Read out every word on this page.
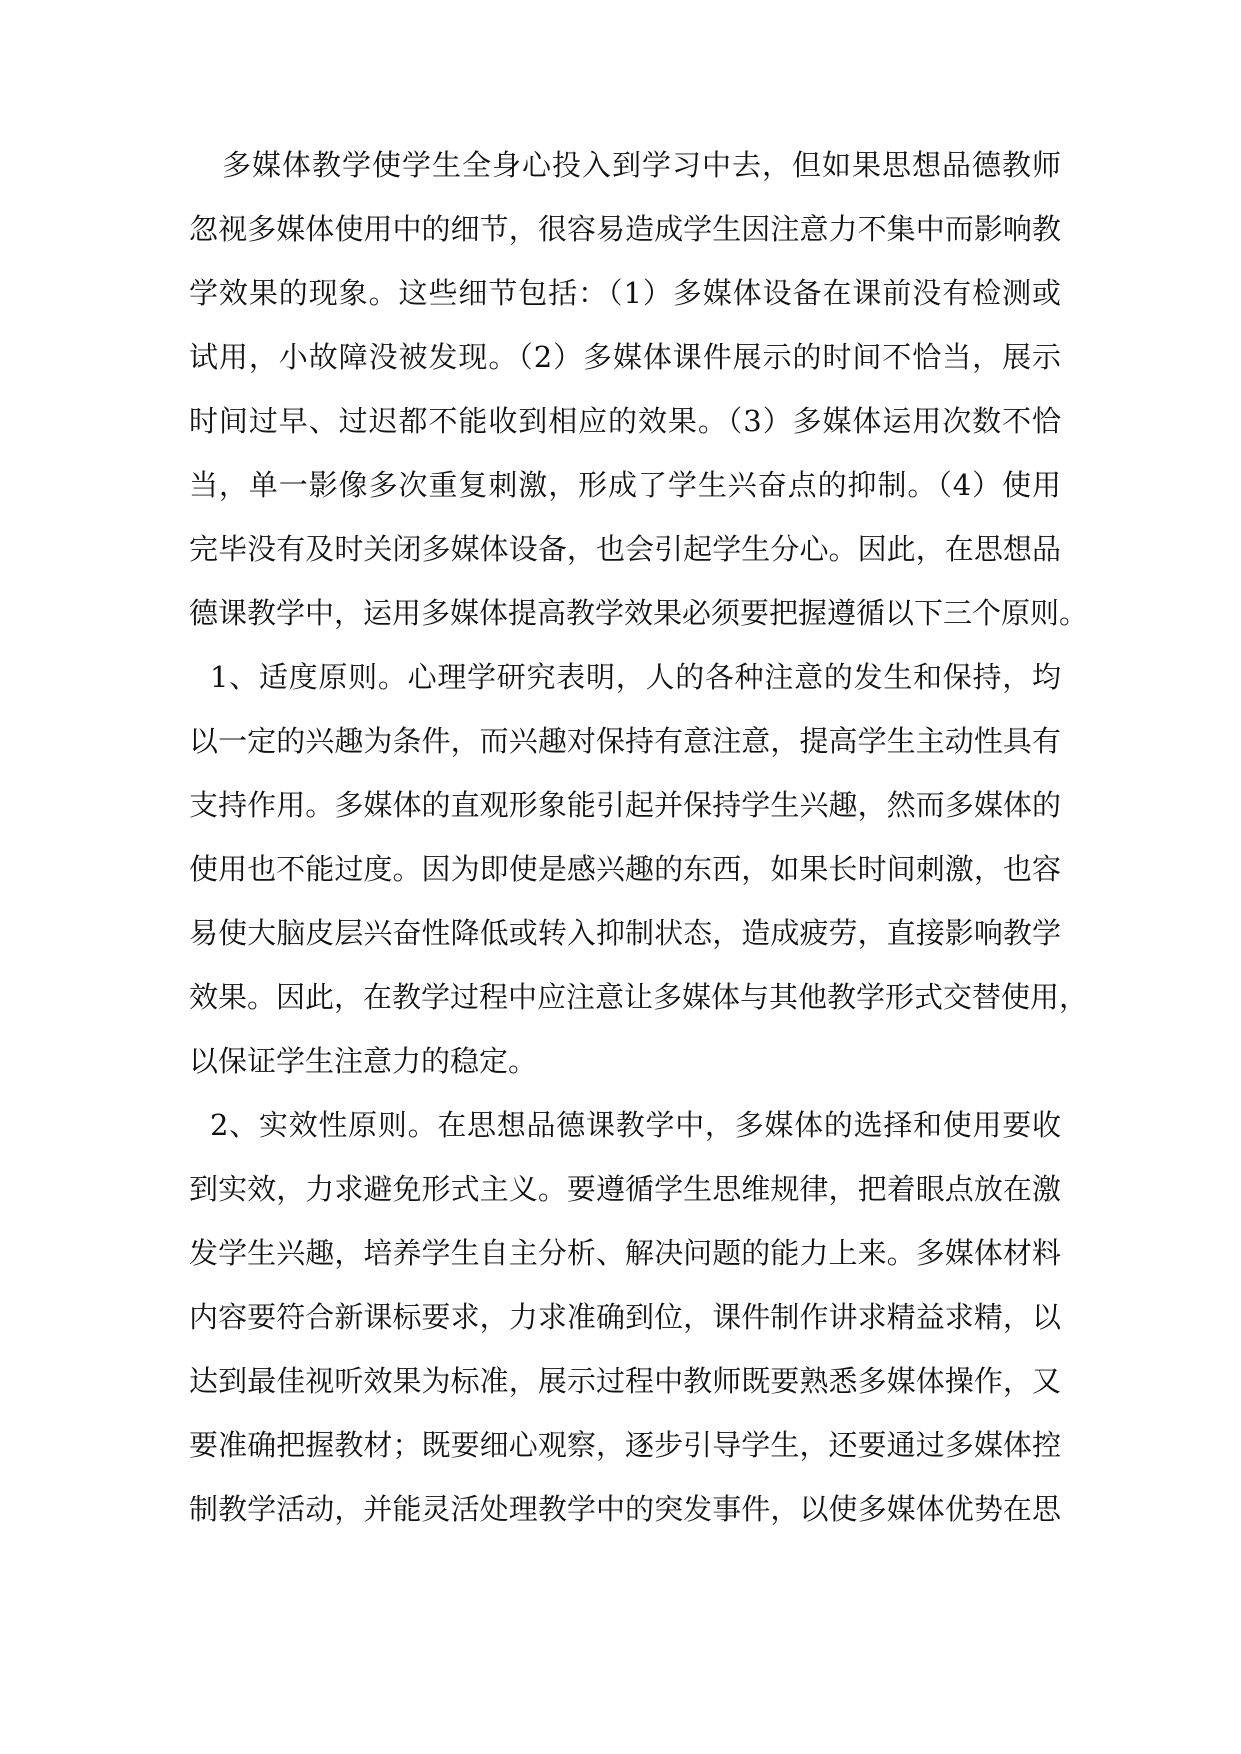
多媒体教学使学生全身心投入到学习中去，但如果思想品德教师
忽视多媒体使用中的细节，很容易造成学生因注意力不集中而影响教
学效果的现象。这些细节包括：（1）多媒体设备在课前没有检测或
试用，小故障没被发现。（2）多媒体课件展示的时间不恰当，展示
时间过早、过迟都不能收到相应的效果。（3）多媒体运用次数不恰
当，单一影像多次重复刺激，形成了学生兴奋点的抑制。（4）使用
完毕没有及时关闭多媒体设备，也会引起学生分心。因此，在思想品
德课教学中，运用多媒体提高教学效果必须要把握遵循以下三个原则。
1、适度原则。心理学研究表明，人的各种注意的发生和保持，均
以一定的兴趣为条件，而兴趣对保持有意注意，提高学生主动性具有
支持作用。多媒体的直观形象能引起并保持学生兴趣，然而多媒体的
使用也不能过度。因为即使是感兴趣的东西，如果长时间刺激，也容
易使大脑皮层兴奋性降低或转入抑制状态，造成疲劳，直接影响教学
效果。因此，在教学过程中应注意让多媒体与其他教学形式交替使用，
以保证学生注意力的稳定。
2、实效性原则。在思想品德课教学中，多媒体的选择和使用要收
到实效，力求避免形式主义。要遵循学生思维规律，把着眼点放在激
发学生兴趣，培养学生自主分析、解决问题的能力上来。多媒体材料
内容要符合新课标要求，力求准确到位，课件制作讲求精益求精，以
达到最佳视听效果为标准，展示过程中教师既要熟悉多媒体操作，又
要准确把握教材；既要细心观察，逐步引导学生，还要通过多媒体控
制教学活动，并能灵活处理教学中的突发事件，以使多媒体优势在思
